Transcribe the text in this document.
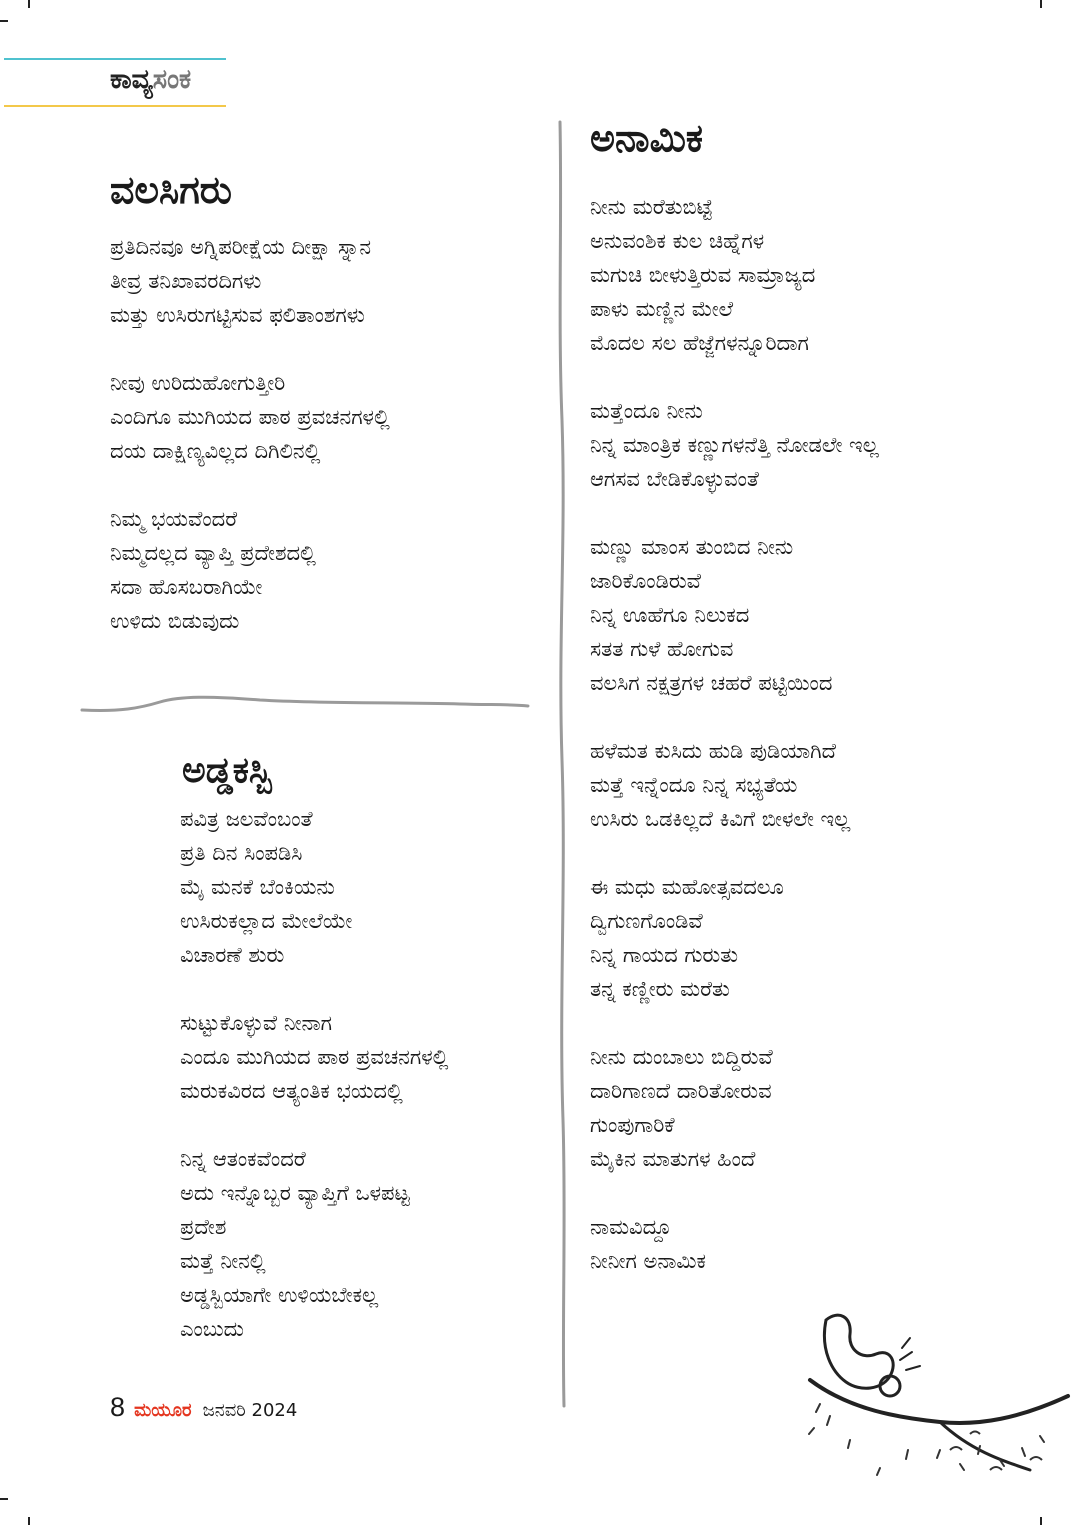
ಕಾವ್ಯಸಂಕ
ವಲಸಿಗರು
ಪ್ರತಿದಿನವೂ ಅಗ್ನಿಪರೀಕ್ಷೆಯ ದೀಕ್ಷಾ ಸ್ನಾನ
ತೀವ್ರ ತನಿಖಾವರದಿಗಳು
ಮತ್ತು ಉಸಿರುಗಟ್ಟಿಸುವ ಫಲಿತಾಂಶಗಳು
ನೀವು ಉರಿದುಹೋಗುತ್ತೀರಿ
ಎಂದಿಗೂ ಮುಗಿಯದ ಪಾಠ ಪ್ರವಚನಗಳಲ್ಲಿ
ದಯ ದಾಕ್ಷಿಣ್ಯವಿಲ್ಲದ ದಿಗಿಲಿನಲ್ಲಿ
ನಿಮ್ಮ ಭಯವೆಂದರೆ
ನಿಮ್ಮದಲ್ಲದ ವ್ಯಾಪ್ತಿ ಪ್ರದೇಶದಲ್ಲಿ
ಸದಾ ಹೊಸಬರಾಗಿಯೇ
ಉಳಿದು ಬಿಡುವುದು
ಅಡ್ಡಕಸ್ಬಿ
ಪವಿತ್ರ ಜಲವೆಂಬಂತೆ
ಪ್ರತಿ ದಿನ ಸಿಂಪಡಿಸಿ
ಮೈ ಮನಕೆ ಬೆಂಕಿಯನು
ಉಸಿರುಕಲ್ಲಾದ ಮೇಲೆಯೇ
ವಿಚಾರಣೆ ಶುರು
ಸುಟ್ಟುಕೊಳ್ಳುವೆ ನೀನಾಗ
ಎಂದೂ ಮುಗಿಯದ ಪಾಠ ಪ್ರವಚನಗಳಲ್ಲಿ
ಮರುಕವಿರದ ಆತ್ಯಂತಿಕ ಭಯದಲ್ಲಿ
ನಿನ್ನ ಆತಂಕವೆಂದರೆ
ಅದು ಇನ್ನೊಬ್ಬರ ವ್ಯಾಪ್ತಿಗೆ ಒಳಪಟ್ಟ
ಪ್ರದೇಶ
ಮತ್ತೆ ನೀನಲ್ಲಿ
ಅಡ್ಡಸ್ಬಿಯಾಗೇ ಉಳಿಯಬೇಕಲ್ಲ
ಎಂಬುದು
ಅನಾಮಿಕ
ನೀನು ಮರೆತುಬಿಟ್ಟೆ
ಅನುವಂಶಿಕ ಕುಲ ಚಿಹ್ನೆಗಳ
ಮಗುಚಿ ಬೀಳುತ್ತಿರುವ ಸಾಮ್ರಾಜ್ಯದ
ಪಾಳು ಮಣ್ಣಿನ ಮೇಲೆ
ಮೊದಲ ಸಲ ಹೆಜ್ಜೆಗಳನ್ನೂರಿದಾಗ
ಮತ್ತೆಂದೂ ನೀನು
ನಿನ್ನ ಮಾಂತ್ರಿಕ ಕಣ್ಣುಗಳನೆತ್ತಿ ನೋಡಲೇ ಇಲ್ಲ
ಆಗಸವ ಬೇಡಿಕೊಳ್ಳುವಂತೆ
ಮಣ್ಣು ಮಾಂಸ ತುಂಬಿದ ನೀನು
ಜಾರಿಕೊಂಡಿರುವೆ
ನಿನ್ನ ಊಹೆಗೂ ನಿಲುಕದ
ಸತತ ಗುಳೆ ಹೋಗುವ
ವಲಸಿಗ ನಕ್ಷತ್ರಗಳ ಚಹರೆ ಪಟ್ಟಿಯಿಂದ
ಹಳೆಮತ ಕುಸಿದು ಹುಡಿ ಪುಡಿಯಾಗಿದೆ
ಮತ್ತೆ ಇನ್ನೆಂದೂ ನಿನ್ನ ಸಭ್ಯತೆಯ
ಉಸಿರು ಒಡಕಿಲ್ಲದೆ ಕಿವಿಗೆ ಬೀಳಲೇ ಇಲ್ಲ
ಈ ಮಧು ಮಹೋತ್ಸವದಲೂ
ದ್ವಿಗುಣಗೊಂಡಿವೆ
ನಿನ್ನ ಗಾಯದ ಗುರುತು
ತನ್ನ ಕಣ್ಣೀರು ಮರೆತು
ನೀನು ದುಂಬಾಲು ಬಿದ್ದಿರುವೆ
ದಾರಿಗಾಣದೆ ದಾರಿತೋರುವ
ಗುಂಪುಗಾರಿಕೆ
ಮೈಕಿನ ಮಾತುಗಳ ಹಿಂದೆ
ನಾಮವಿದ್ದೂ
ನೀನೀಗ ಅನಾಮಿಕ
8 ಮಯೂರ ಜನವರಿ 2024
